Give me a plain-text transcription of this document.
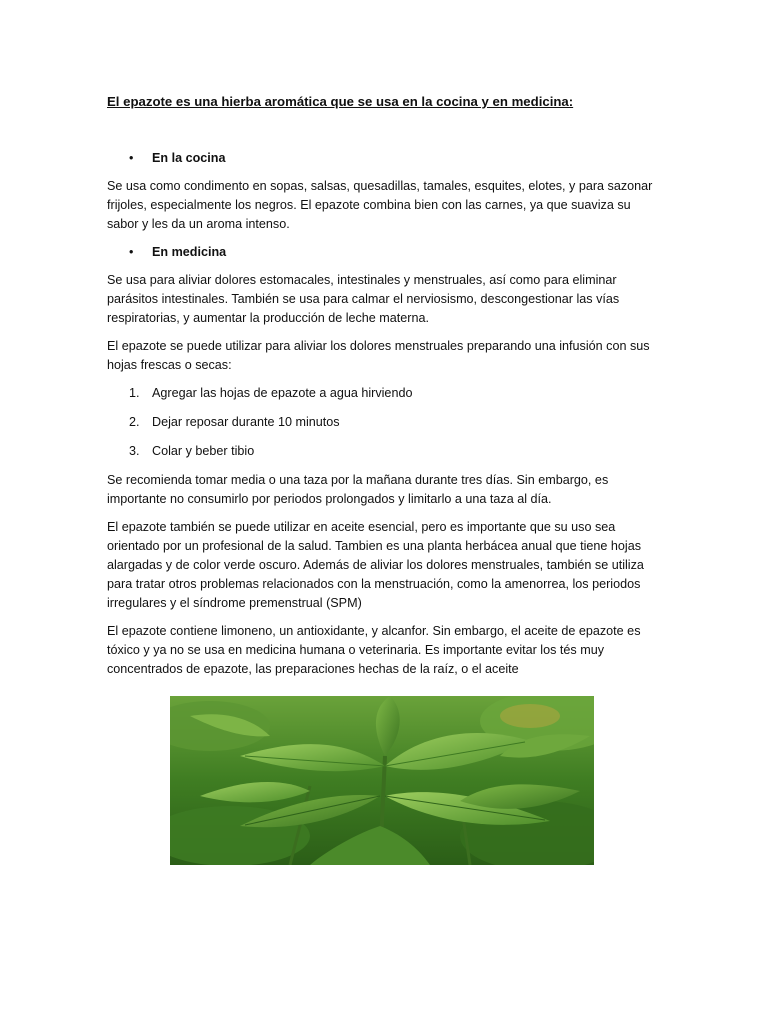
El epazote es una hierba aromática que se usa en la cocina y en medicina:
• En la cocina

Se usa como condimento en sopas, salsas, quesadillas, tamales, esquites, elotes, y para sazonar frijoles, especialmente los negros. El epazote combina bien con las carnes, ya que suaviza su sabor y les da un aroma intenso.

• En medicina

Se usa para aliviar dolores estomacales, intestinales y menstruales, así como para eliminar parásitos intestinales. También se usa para calmar el nerviosismo, descongestionar las vías respiratorias, y aumentar la producción de leche materna.

El epazote se puede utilizar para aliviar los dolores menstruales preparando una infusión con sus hojas frescas o secas:

1. Agregar las hojas de epazote a agua hirviendo
2. Dejar reposar durante 10 minutos
3. Colar y beber tibio

Se recomienda tomar media o una taza por la mañana durante tres días. Sin embargo, es importante no consumirlo por periodos prolongados y limitarlo a una taza al día.

El epazote también se puede utilizar en aceite esencial, pero es importante que su uso sea orientado por un profesional de la salud. Tambien es una planta herbácea anual que tiene hojas alargadas y de color verde oscuro. Además de aliviar los dolores menstruales, también se utiliza para tratar otros problemas relacionados con la menstruación, como la amenorrea, los periodos irregulares y el síndrome premenstrual (SPM)

El epazote contiene limoneno, un antioxidante, y alcanfor. Sin embargo, el aceite de epazote es tóxico y ya no se usa en medicina humana o veterinaria. Es importante evitar los tés muy concentrados de epazote, las preparaciones hechas de la raíz, o el aceite
